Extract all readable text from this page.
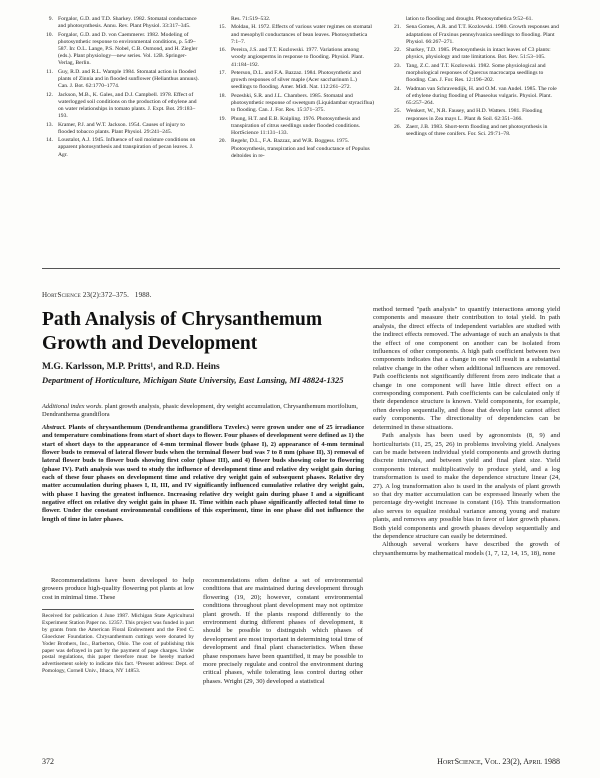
9. Forgalor, G.D. and T.D. Sharkey. 1982. Stomatal conductance and photosynthesis. Annu. Rev. Plant Physiol. 33:317–345.
10. Forgalor, G.D. and D. von Caemmerer. 1982. Modeling of photosynthetic response to environmental conditions, p. 549–587. In: O.L. Lange, P.S. Nobel, C.B. Osmond, and H. Ziegler (eds.). Plant physiology—new series. Vol. 12B. Springer-Verlag, Berlin.
11. Guy, R.D. and R.L. Wample 1984. Stomatal action in flooded plants of Zinnia and in flooded sunflower (Helianthus annuus). Can. J. Bot. 62:1770–1774.
12. Jackson, M.B., K. Gales, and D.J. Campbell. 1978. Effect of waterlogged soil conditions on the production of ethylene and on water relationships in tomato plants. J. Expt. Bot. 29:183–193.
13. Kramer, P.J. and W.T. Jackson. 1954. Causes of injury to flooded tobacco plants. Plant Physiol. 29:241–245.
14. Loustalot, A.J. 1945. Influence of soil moisture conditions on apparent photosynthesis and transpiration of pecan leaves. J. Agr.
Res. 71:519–532.
15. Moldau, H. 1972. Effects of various water regimes on stomatal and mesophyll conductances of bean leaves. Photosynthetica 7:1–7.
16. Pereira, J.S. and T.T. Kozlowski. 1977. Variations among woody angiosperms in response to flooding. Physiol. Plant. 41:184–192.
17. Peterson, D.L. and F.A. Bazzaz. 1984. Photosynthetic and growth responses of silver maple (Acer saccharinum L.) seedlings to flooding. Amer. Midl. Nat. 112:261–272.
18. Pezeshki, S.R. and J.L. Chambers. 1985. Stomatal and photosynthetic response of sweetgum (Liquidambar styraciflua) to flooding. Can. J. For. Res. 15:371–375.
19. Phung, H.T. and E.B. Knipling. 1976. Photosynthesis and transpiration of citrus seedlings under flooded conditions. HortScience 11:131–133.
20. Regehr, D.L., F.A. Bazzaz, and W.R. Boggess. 1975. Photosynthesis, transpiration and leaf conductance of Populus deltoides in re-
lation to flooding and drought. Photosynthetica 9:52–61.
21. Sena Gomes, A.R. and T.T. Kozlowski. 1980. Growth responses and adaptations of Fraxinus pennsylvanica seedlings to flooding. Plant Physiol. 66:267–271.
22. Sharkey, T.D. 1985. Photosynthesis in intact leaves of C3 plants: physics, physiology and rate limitations. Bot. Rev. 51:53–105.
23. Tang, Z.C. and T.T. Kozlowski. 1982. Some physiological and morphological responses of Quercus macrocarpa seedlings to flooding. Can. J. For. Res. 12:196–202.
24. Wadman van Schravendijk, H. and O.M. van Andel. 1985. The role of ethylene during flooding of Phaseolus vulgaris. Physiol. Plant. 65:257–264.
25. Wenkert, W., N.R. Fausey, and H.D. Watters. 1981. Flooding responses in Zea mays L. Plant & Soil. 62:351–366.
26. Zaerr, J.B. 1983. Short-term flooding and net photosynthesis in seedlings of three conifers. For. Sci. 29:71–78.
HortScience 23(2):372–375. 1988.
Path Analysis of Chrysanthemum Growth and Development
M.G. Karlsson, M.P. Pritts¹, and R.D. Heins
Department of Horticulture, Michigan State University, East Lansing, MI 48824-1325
Additional index words. plant growth analysis, phasic development, dry weight accumulation, Chrysanthemum morifolium, Dendranthema grandiflora
Abstract. Plants of chrysanthemum (Dendranthema grandiflora Tzvelev.) were grown under one of 25 irradiance and temperature combinations from start of short days to flower. Four phases of development were defined as 1) the start of short days to the appearance of 4-mm terminal flower buds (phase I), 2) appearance of 4-mm terminal flower buds to removal of lateral flower buds when the terminal flower bud was 7 to 8 mm (phase II), 3) removal of lateral flower buds to flower buds showing first color (phase III), and 4) flower buds showing color to flowering (phase IV). Path analysis was used to study the influence of development time and relative dry weight gain during each of these four phases on development time and relative dry weight gain of subsequent phases. Relative dry matter accumulation during phases I, II, III, and IV significantly influenced cumulative relative dry weight gain, with phase I having the greatest influence. Increasing relative dry weight gain during phase I and a significant negative effect on relative dry weight gain in phase II. Time within each phase significantly affected total time to flower. Under the constant environmental conditions of this experiment, time in one phase did not influence the length of time in later phases.
Recommendations have been developed to help growers produce high-quality flowering pot plants at low cost in minimal time. These
Received for publication 4 June 1987. Michigan State Agricultural Experiment Station Paper no. 12357. This project was funded in part by grants from the American Floral Endowment and the Fred C. Gloeckner Foundation. Chrysanthemum cuttings were donated by Yoder Brothers, Inc., Barberton, Ohio. The cost of publishing this paper was defrayed in part by the payment of page charges. Under postal regulations, this paper therefore must be hereby marked advertisement solely to indicate this fact. ¹Present address: Dept. of Pomology, Cornell Univ., Ithaca, NY 14853.
recommendations often define a set of environmental conditions that are maintained during development through flowering (19, 20); however, constant environmental conditions throughout plant development may not optimize plant growth. If the plants respond differently to the environment during different phases of development, it should be possible to distinguish which phases of development are most important in determining total time of development and final plant characteristics. When these phase responses have been quantified, it may be possible to more precisely regulate and control the environment during critical phases, while tolerating less control during other phases. Wright (29, 30) developed a statistical

method termed "path analysis" to quantify interactions among yield components and measure their contribution to total yield. In path analysis, the direct effects of independent variables are studied with the indirect effects removed. The advantage of such an analysis is that the effect of one component on another can be isolated from influences of other components. A high path coefficient between two components indicates that a change in one will result in a substantial relative change in the other when additional influences are removed. Path coefficients not significantly different from zero indicate that a change in one component will have little direct effect on a corresponding component. Path coefficients can be calculated only if their dependence structure is known. Yield components, for example, often develop sequentially, and those that develop late cannot affect early components. The directionality of dependencies can be determined in these situations.

Path analysis has been used by agronomists (8, 9) and horticulturists (11, 25, 25, 26) in problems involving yield. Analyses can be made between individual yield components and growth during discrete intervals, and between yield and final plant size. Yield components interact multiplicatively to produce yield, and a log transformation is used to make the dependence structure linear (24, 27). A log transformation also is used in the analysis of plant growth so that dry matter accumulation can be expressed linearly when the percentage dry-weight increase is constant (16). This transformation also serves to equalize residual variance among young and mature plants, and removes any possible bias in favor of later growth phases. Both yield components and growth phases develop sequentially and the dependence structure can easily be determined.

Although several workers have described the growth of chrysanthemums by mathematical models (1, 7, 12, 14, 15, 18), none

372	HortScience, Vol. 23(2), April 1988
